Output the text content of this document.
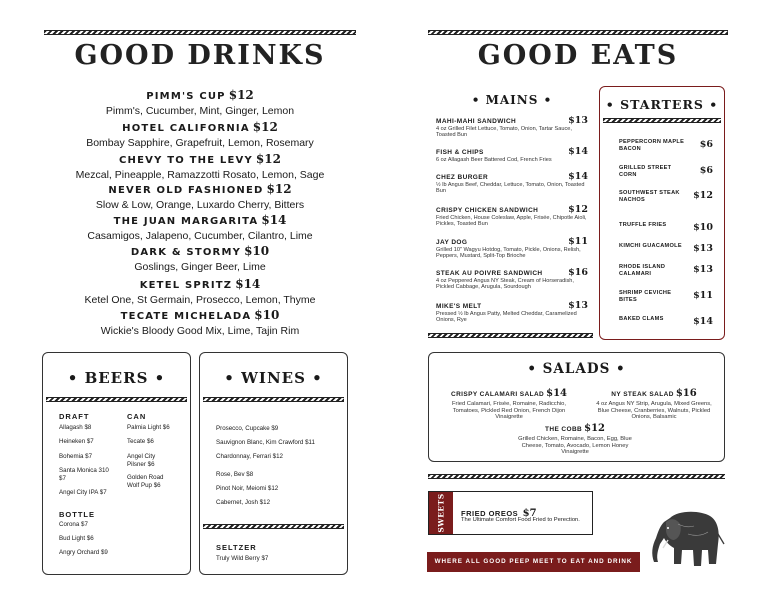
GOOD DRINKS
PIMM'S CUP $12
Pimm's, Cucumber, Mint, Ginger, Lemon
HOTEL CALIFORNIA $12
Bombay Sapphire, Grapefruit, Lemon, Rosemary
CHEVY TO THE LEVY $12
Mezcal, Pineapple, Ramazzotti Rosato, Lemon, Sage
NEVER OLD FASHIONED $12
Slow & Low, Orange, Luxardo Cherry, Bitters
THE JUAN MARGARITA $14
Casamigos, Jalapeno, Cucumber, Cilantro, Lime
DARK & STORMY $10
Goslings, Ginger Beer, Lime
KETEL SPRITZ $14
Ketel One, St Germain, Prosecco, Lemon, Thyme
TECATE MICHELADA $10
Wickie's Bloody Good Mix, Lime, Tajin Rim
• BEERS •
DRAFT
Allagash $8
Heineken $7
Bohemia $7
Santa Monica 310 $7
Angel City IPA $7
CAN
Palmia Light $6
Tecate $6
Angel City Pilsner $6
Golden Road Wolf Pup $6
BOTTLE
Corona $7
Bud Light $6
Angry Orchard $9
• WINES •
Prosecco, Cupcake $9
Sauvignon Blanc, Kim Crawford $11
Chardonnay, Ferrari $12
Rose, Bev $8
Pinot Noir, Meiomi $12
Cabernet, Josh $12
SELTZER
Truly Wild Berry $7
GOOD EATS
• MAINS •
MAHI-MAHI SANDWICH	$13
4 oz Grilled Filet Lettuce, Tomato, Onion, Tartar Sauce, Toasted Bun
FISH & CHIPS	$14
6 oz Allagash Beer Battered Cod, French Fries
CHEZ BURGER	$14
½ lb Angus Beef, Cheddar, Lettuce, Tomato, Onion, Toasted Bun
CRISPY CHICKEN SANDWICH	$12
Fried Chicken, House Coleslaw, Apple, Frisée, Chipotle Aioli, Pickles, Toasted Bun
JAY DOG	$11
Grilled 10" Wagyu Hotdog, Tomato, Pickle, Onions, Relish, Peppers, Mustard, Split-Top Brioche
STEAK AU POIVRE SANDWICH	$16
4 oz Peppered Angus NY Steak, Cream of Horseradish, Pickled Cabbage, Arugula, Sourdough
MIKE'S MELT	$13
Pressed ½ lb Angus Patty, Melted Cheddar, Caramelized Onions, Rye
• STARTERS •
PEPPERCORN MAPLE BACON	$6
GRILLED STREET CORN	$6
SOUTHWEST STEAK NACHOS	$12
TRUFFLE FRIES	$10
KIMCHI GUACAMOLE	$13
RHODE ISLAND CALAMARI	$13
SHRIMP CEVICHE BITES	$11
BAKED CLAMS	$14
• SALADS •
CRISPY CALAMARI SALAD $14
Fried Calamari, Frisée, Romaine, Radicchio, Tomatoes, Pickled Red Onion, French Dijon Vinaigrette
NY STEAK SALAD $16
4 oz Angus NY Strip, Arugula, Mixed Greens, Blue Cheese, Cranberries, Walnuts, Pickled Onions, Balsamic
THE COBB $12
Grilled Chicken, Romaine, Bacon, Egg, Blue Cheese, Tomato, Avocado, Lemon Honey Vinaigrette
SWEETS FRIED OREOS $7
The Ultimate Comfort Food Fried to Perection.
WHERE ALL GOOD PEEP MEET TO EAT AND DRINK
